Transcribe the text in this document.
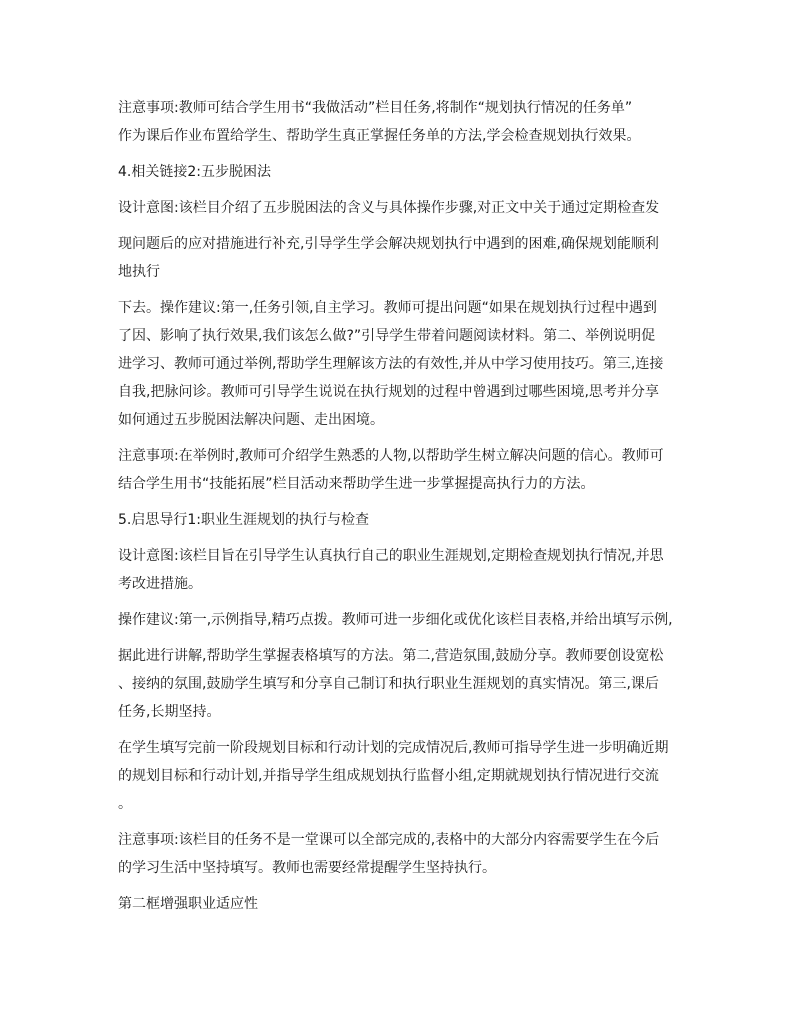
注意事项:教师可结合学生用书“我做活动”栏目任务,将制作“规划执行情况的任务单”
作为课后作业布置给学生、帮助学生真正掌握任务单的方法,学会检查规划执行效果。
4.相关链接2:五步脱困法
设计意图:该栏目介绍了五步脱困法的含义与具体操作步骤,对正文中关于通过定期检查发
现问题后的应对措施进行补充,引导学生学会解决规划执行中遇到的困难,确保规划能顺利
地执行
下去。操作建议:第一,任务引领,自主学习。教师可提出问题“如果在规划执行过程中遇到
了因、影响了执行效果,我们该怎么做?”引导学生带着问题阅读材料。第二、举例说明促
进学习、教师可通过举例,帮助学生理解该方法的有效性,并从中学习使用技巧。第三,连接
自我,把脉问诊。教师可引导学生说说在执行规划的过程中曾遇到过哪些困境,思考并分享
如何通过五步脱困法解决问题、走出困境。
注意事项:在举例时,教师可介绍学生熟悉的人物,以帮助学生树立解决问题的信心。教师可
结合学生用书“技能拓展”栏目活动来帮助学生进一步掌握提高执行力的方法。
5.启思导行1:职业生涯规划的执行与检查
设计意图:该栏目旨在引导学生认真执行自己的职业生涯规划,定期检查规划执行情况,并思
考改进措施。
操作建议:第一,示例指导,精巧点拨。教师可进一步细化或优化该栏目表格,并给出填写示例,
据此进行讲解,帮助学生掌握表格填写的方法。第二,营造氛围,鼓励分享。教师要创设宽松
、接纳的氛围,鼓励学生填写和分享自己制订和执行职业生涯规划的真实情况。第三,课后
任务,长期坚持。
在学生填写完前一阶段规划目标和行动计划的完成情况后,教师可指导学生进一步明确近期
的规划目标和行动计划,并指导学生组成规划执行监督小组,定期就规划执行情况进行交流
。
注意事项:该栏目的任务不是一堂课可以全部完成的,表格中的大部分内容需要学生在今后
的学习生活中坚持填写。教师也需要经常提醒学生坚持执行。
第二框增强职业适应性
